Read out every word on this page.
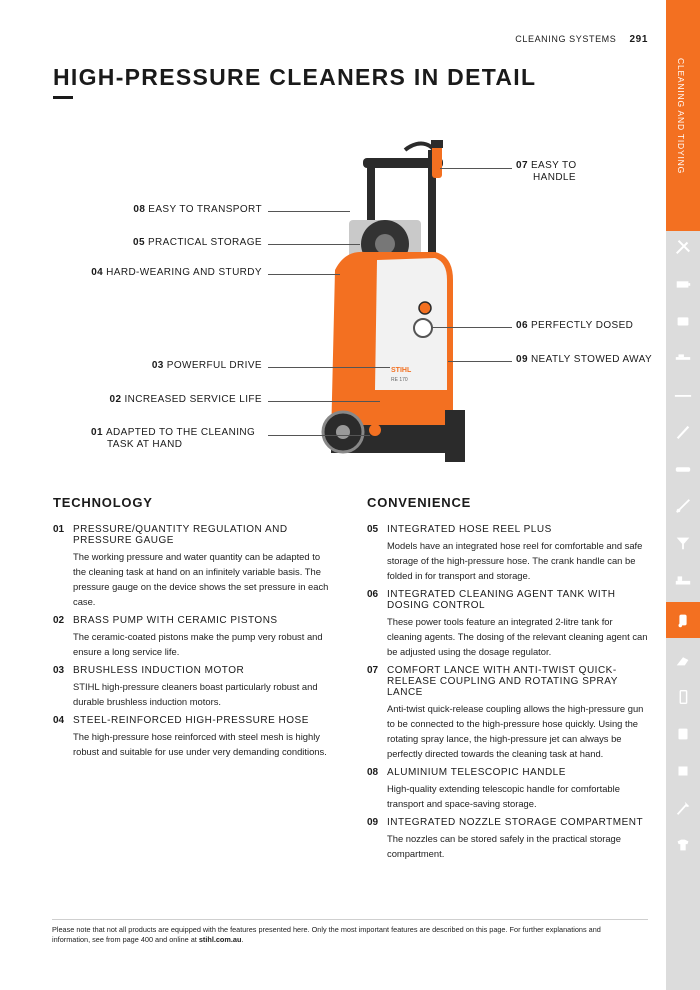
CLEANING SYSTEMS 291
HIGH-PRESSURE CLEANERS IN DETAIL	CLEANING AND TIDYING
STIHL
RE 170
08 EASY TO TRANSPORT
05 PRACTICAL STORAGE
04 HARD-WEARING AND STURDY
03 POWERFUL DRIVE
02 INCREASED SERVICE LIFE
01 ADAPTED TO THE CLEANING
TASK AT HAND
07 EASY TO
HANDLE
06 PERFECTLY DOSED
09 NEATLY STOWED AWAY
TECHNOLOGY
01 PRESSURE/QUANTITY REGULATION AND PRESSURE GAUGE
The working pressure and water quantity can be adapted to the cleaning task at hand on an infinitely variable basis. The pressure gauge on the device shows the set pressure in each case.
02 BRASS PUMP WITH CERAMIC PISTONS
The ceramic-coated pistons make the pump very robust and ensure a long service life.
03 BRUSHLESS INDUCTION MOTOR
STIHL high-pressure cleaners boast particularly robust and durable brushless induction motors.
04 STEEL-REINFORCED HIGH-PRESSURE HOSE
The high-pressure hose reinforced with steel mesh is highly robust and suitable for use under very demanding conditions.
CONVENIENCE
05 INTEGRATED HOSE REEL PLUS
Models have an integrated hose reel for comfortable and safe storage of the high-pressure hose. The crank handle can be folded in for transport and storage.
06 INTEGRATED CLEANING AGENT TANK WITH DOSING CONTROL
These power tools feature an integrated 2-litre tank for cleaning agents. The dosing of the relevant cleaning agent can be adjusted using the dosage regulator.
07 COMFORT LANCE WITH ANTI-TWIST QUICK-RELEASE COUPLING AND ROTATING SPRAY LANCE
Anti-twist quick-release coupling allows the high-pressure gun to be connected to the high-pressure hose quickly. Using the rotating spray lance, the high-pressure jet can always be perfectly directed towards the cleaning task at hand.
08 ALUMINIUM TELESCOPIC HANDLE
High-quality extending telescopic handle for comfortable transport and space-saving storage.
09 INTEGRATED NOZZLE STORAGE COMPARTMENT
The nozzles can be stored safely in the practical storage compartment.
Please note that not all products are equipped with the features presented here. Only the most important features are described on this page. For further explanations and information, see from page 400 and online at stihl.com.au.
